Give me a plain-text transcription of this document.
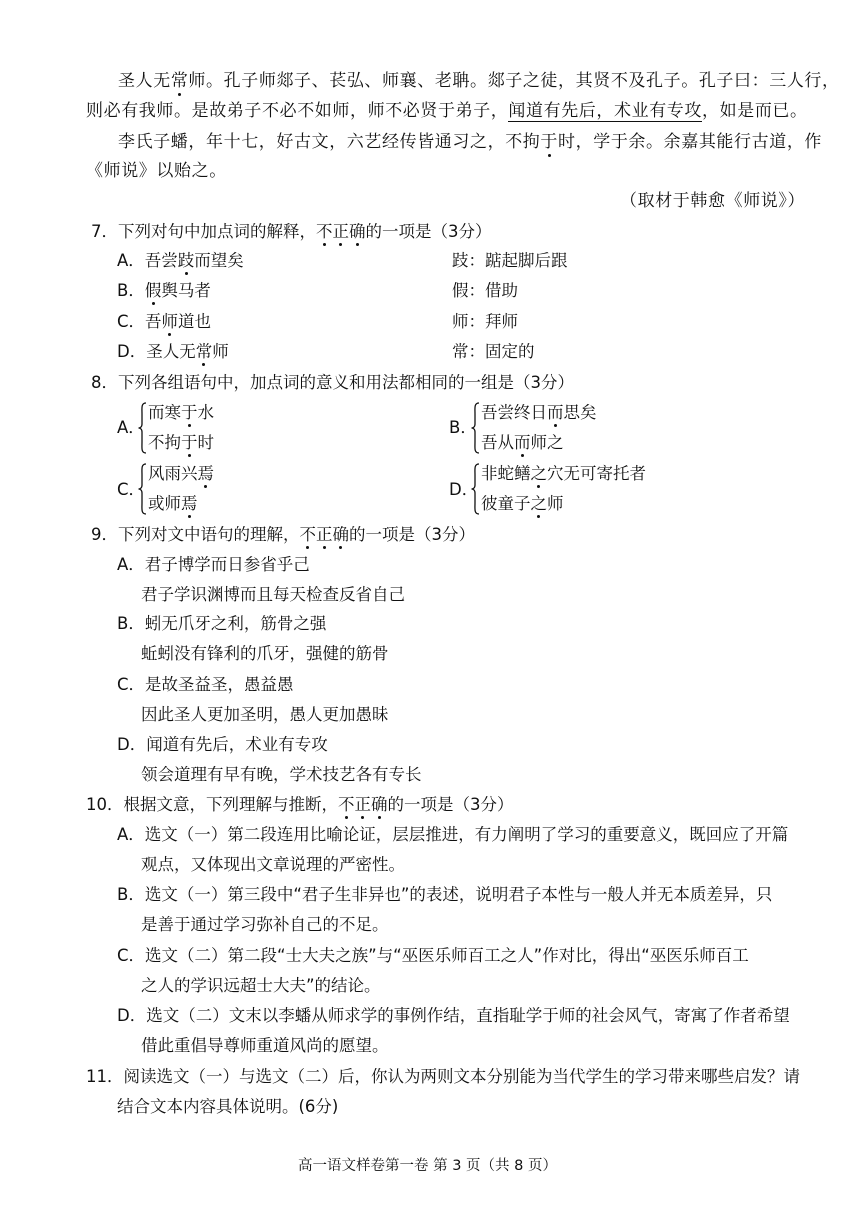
圣人无常师。孔子师郯子、苌弘、师襄、老聃。郯子之徒，其贤不及孔子。孔子曰：三人行，
则必有我师。是故弟子不必不如师，师不必贤于弟子，闻道有先后，术业有专攻，如是而已。
李氏子蟠，年十七，好古文，六艺经传皆通习之，不拘于时，学于余。余嘉其能行古道，作
《师说》以贻之。
（取材于韩愈《师说》）
7．下列对句中加点词的解释，不正确的一项是（3分）
A．吾尝跂而望矣	跂：踮起脚后跟
B．假舆马者	假：借助
C．吾师道也	师：拜师
D．圣人无常师	常：固定的
8．下列各组语句中，加点词的意义和用法都相同的一组是（3分）
A．
而寒于水
不拘于时
B．
吾尝终日而思矣
吾从而师之
C．
风雨兴焉
或师焉
D．
非蛇鳝之穴无可寄托者
彼童子之师
9．下列对文中语句的理解，不正确的一项是（3分）
A．君子博学而日参省乎己
君子学识渊博而且每天检查反省自己
B．蚓无爪牙之利，筋骨之强
蚯蚓没有锋利的爪牙，强健的筋骨
C．是故圣益圣，愚益愚
因此圣人更加圣明，愚人更加愚昧
D．闻道有先后，术业有专攻
领会道理有早有晚，学术技艺各有专长
10．根据文意，下列理解与推断，不正确的一项是（3分）
A．选文（一）第二段连用比喻论证，层层推进，有力阐明了学习的重要意义，既回应了开篇
观点，又体现出文章说理的严密性。
B．选文（一）第三段中“君子生非异也”的表述，说明君子本性与一般人并无本质差异，只
是善于通过学习弥补自己的不足。
C．选文（二）第二段“士大夫之族”与“巫医乐师百工之人”作对比，得出“巫医乐师百工
之人的学识远超士大夫”的结论。
D．选文（二）文末以李蟠从师求学的事例作结，直指耻学于师的社会风气，寄寓了作者希望
借此重倡导尊师重道风尚的愿望。
11．阅读选文（一）与选文（二）后，你认为两则文本分别能为当代学生的学习带来哪些启发？请
结合文本内容具体说明。(6分)
高一语文样卷第一卷 第 3 页（共 8 页）
